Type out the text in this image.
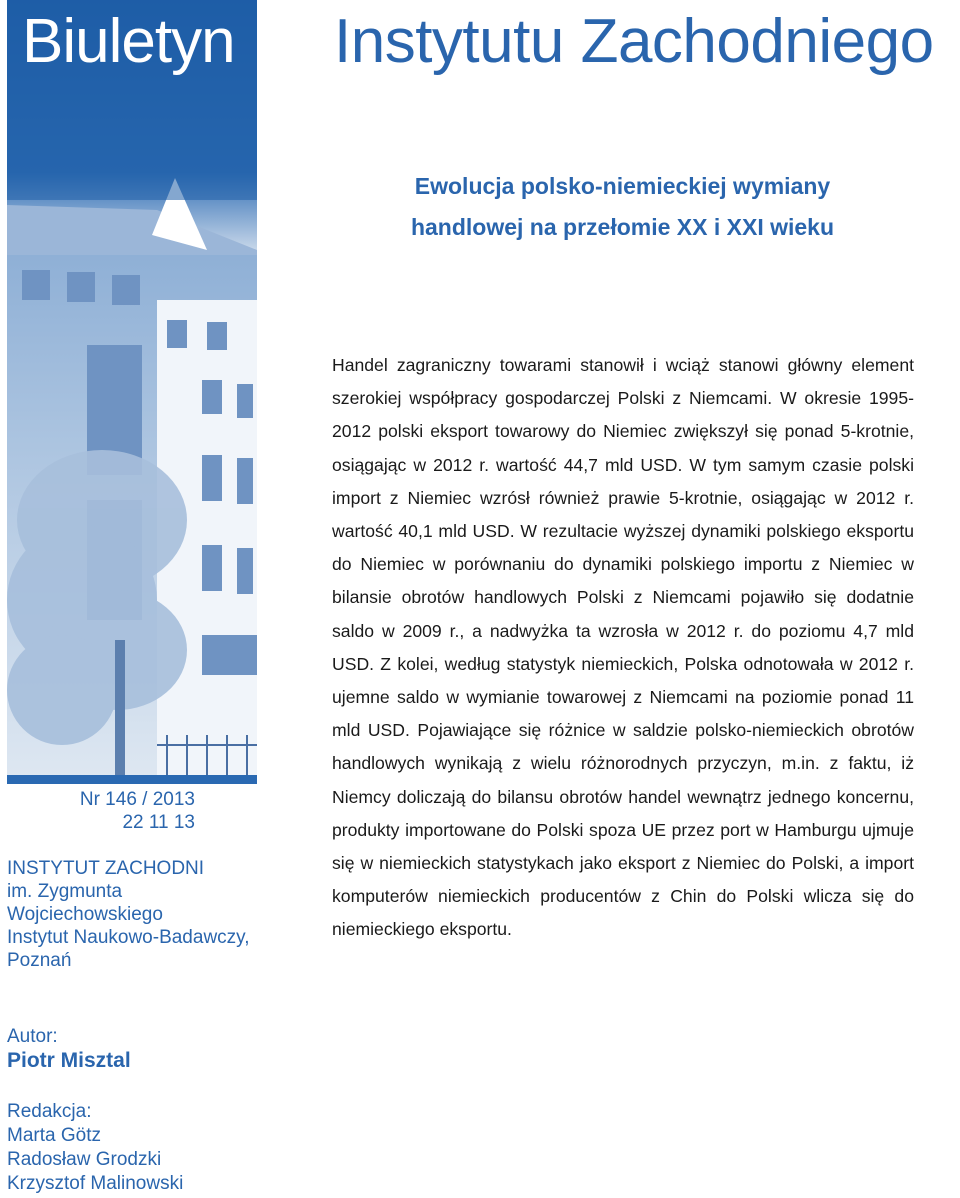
Biuletyn Instytutu Zachodniego
Ewolucja polsko-niemieckiej wymiany
handlowej na przełomie XX i XXI wieku

Handel zagraniczny towarami stanowił i wciąż stanowi główny element szerokiej współpracy gospodarczej Polski z Niemcami. W okresie 1995-2012 polski eksport towarowy do Niemiec zwiększył się ponad 5-krotnie, osiągając w 2012 r. wartość 44,7 mld USD. W tym samym czasie polski import z Niemiec wzrósł również prawie 5-krotnie, osiągając w 2012 r. wartość 40,1 mld USD. W rezultacie wyższej dynamiki polskiego eksportu do Niemiec w porównaniu do dynamiki polskiego importu z Niemiec w bilansie obrotów handlowych Polski z Niemcami pojawiło się dodatnie saldo w 2009 r., a nadwyżka ta wzrosła w 2012 r. do poziomu 4,7 mld USD. Z kolei, według statystyk niemieckich, Polska odnotowała w 2012 r. ujemne saldo w wymianie towarowej z Niemcami na poziomie ponad 11 mld USD. Pojawiające się różnice w saldzie polsko-niemieckich obrotów handlowych wynikają z wielu różnorodnych przyczyn, m.in. z faktu, iż Niemcy doliczają do bilansu obrotów handel wewnątrz jednego koncernu, produkty importowane do Polski spoza UE przez port w Hamburgu ujmuje się w niemieckich statystykach jako eksport z Niemiec do Polski, a import komputerów niemieckich producentów z Chin do Polski wlicza się do niemieckiego eksportu.

Nr 146 / 2013
22 11 13
INSTYTUT ZACHODNI
im. Zygmunta
Wojciechowskiego
Instytut Naukowo-Badawczy,
Poznań
Autor:
Piotr Misztal
Redakcja:
Marta Götz
Radosław Grodzki
Krzysztof Malinowski
